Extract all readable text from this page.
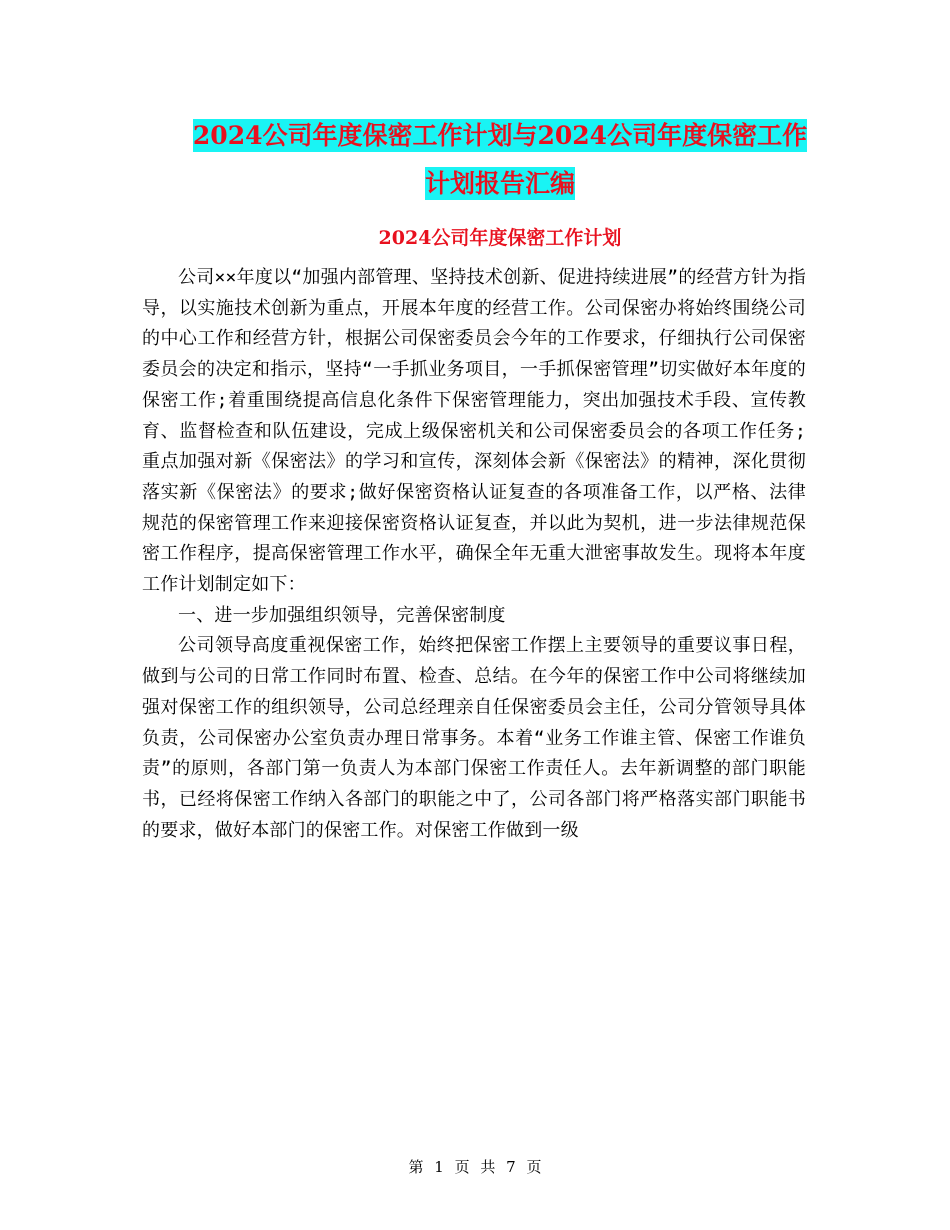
2024公司年度保密工作计划与2024公司年度保密工作
计划报告汇编
2024公司年度保密工作计划

公司××年度以“加强内部管理、坚持技术创新、促进持续进展”的经营方针为指导，以实施技术创新为重点，开展本年度的经营工作。公司保密办将始终围绕公司的中心工作和经营方针，根据公司保密委员会今年的工作要求，仔细执行公司保密委员会的决定和指示，坚持“一手抓业务项目，一手抓保密管理”切实做好本年度的保密工作;着重围绕提高信息化条件下保密管理能力，突出加强技术手段、宣传教育、监督检查和队伍建设，完成上级保密机关和公司保密委员会的各项工作任务;重点加强对新《保密法》的学习和宣传，深刻体会新《保密法》的精神，深化贯彻落实新《保密法》的要求;做好保密资格认证复查的各项准备工作，以严格、法律规范的保密管理工作来迎接保密资格认证复查，并以此为契机，进一步法律规范保密工作程序，提高保密管理工作水平，确保全年无重大泄密事故发生。现将本年度工作计划制定如下：

一、进一步加强组织领导，完善保密制度

公司领导高度重视保密工作，始终把保密工作摆上主要领导的重要议事日程，做到与公司的日常工作同时布置、检查、总结。在今年的保密工作中公司将继续加强对保密工作的组织领导，公司总经理亲自任保密委员会主任，公司分管领导具体负责，公司保密办公室负责办理日常事务。本着“业务工作谁主管、保密工作谁负责”的原则，各部门第一负责人为本部门保密工作责任人。去年新调整的部门职能书，已经将保密工作纳入各部门的职能之中了，公司各部门将严格落实部门职能书的要求，做好本部门的保密工作。对保密工作做到一级

第 1 页 共 7 页
